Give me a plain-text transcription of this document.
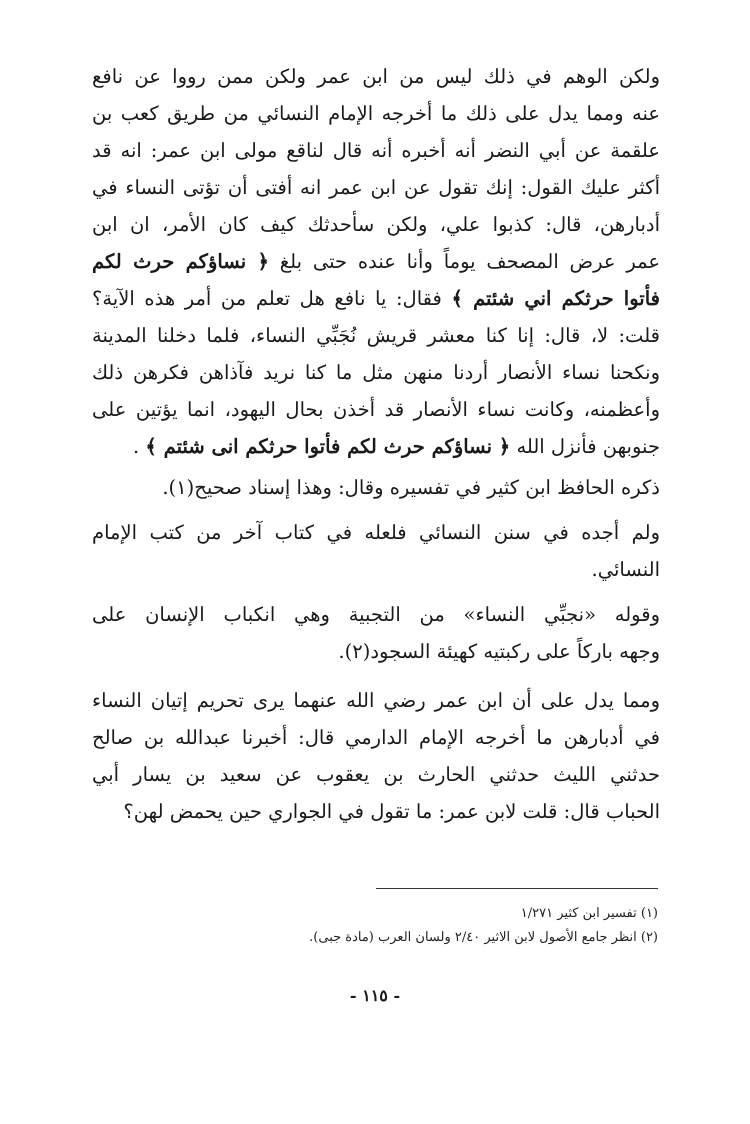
ولكن الوهم في ذلك ليس من ابن عمر ولكن ممن رووا عن نافع
عنه ومما يدل على ذلك ما أخرجه الإمام النسائي من طريق كعب بن
علقمة عن أبي النضر أنه أخبره أنه قال لناقع مولى ابن عمر: انه قد
أكثر عليك القول: إنك تقول عن ابن عمر انه أفتى أن تؤتى النساء في
أدبارهن، قال: كذبوا علي، ولكن سأحدثك كيف كان الأمر، ان ابن
عمر عرض المصحف يوماً وأنا عنده حتى بلغ ﴿ نساؤكم حرث لكم
فأتوا حرثكم اني شئتم ﴾ فقال: يا نافع هل تعلم من أمر هذه الآية؟
قلت: لا، قال: إنا كنا معشر قريش نُجَبِّي النساء، فلما دخلنا المدينة
ونكحنا نساء الأنصار أردنا منهن مثل ما كنا نريد فآذاهن فكرهن ذلك
وأعظمنه، وكانت نساء الأنصار قد أخذن بحال اليهود، انما يؤتين على
جنوبهن فأنزل الله ﴿ نساؤكم حرث لكم فأتوا حرثكم انى شئتم ﴾ .

ذكره الحافظ ابن كثير في تفسيره وقال: وهذا إسناد صحيح(١).

ولم أجده في سنن النسائي فلعله في كتاب آخر من كتب الإمام
النسائي.

وقوله «نجبِّي النساء» من التجبية وهي انكباب الإنسان على
وجهه باركاً على ركبتيه كهيئة السجود(٢).

ومما يدل على أن ابن عمر رضي الله عنهما يرى تحريم إتيان النساء
في أدبارهن ما أخرجه الإمام الدارمي قال: أخبرنا عبدالله بن صالح
حدثني الليث حدثني الحارث بن يعقوب عن سعيد بن يسار أبي
الحباب قال: قلت لابن عمر: ما تقول في الجواري حين يحمض لهن؟

(١) تفسير ابن كثير ١/٢٧١
(٢) انظر جامع الأصول لابن الاثير ٢/٤٠ ولسان العرب (مادة جبى).
- ١١٥ -
